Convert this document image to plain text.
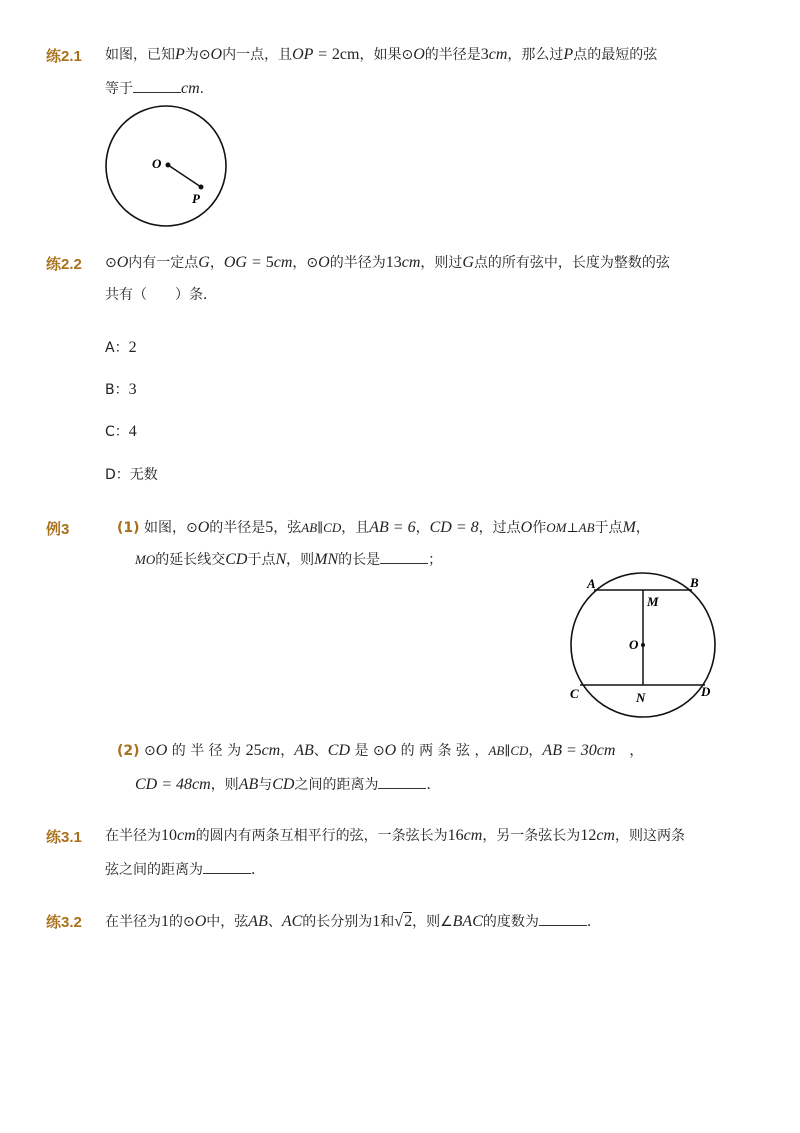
练2.1 如图，已知P为⊙O内一点，且OP = 2cm，如果⊙O的半径是3cm，那么过P点的最短的弦
等于	cm.
O
P
练2.2 ⊙O内有一定点G，OG = 5cm，⊙O的半径为13cm，则过G点的所有弦中，长度为整数的弦
共有（　　）条．
A：2
B：3
C：4
D：无数
例3	(1) 如图，⊙O的半径是5，弦AB∥CD，且AB = 6，CD = 8，过点O作OM⊥AB于点M，
MO的延长线交CD于点N，则MN的长是	；
A	B
M
O
C	D
N
(2) ⊙O 的 半 径 为 25cm，AB、CD 是 ⊙O 的 两 条 弦 ，AB∥CD，AB = 30cm　，
CD = 48cm，则AB与CD之间的距离为	．
练3.1 在半径为10cm的圆内有两条互相平行的弦，一条弦长为16cm，另一条弦长为12cm，则这两条
弦之间的距离为	．
练3.2 在半径为1的⊙O中，弦AB、AC的长分别为1和√2，则∠BAC的度数为	．
